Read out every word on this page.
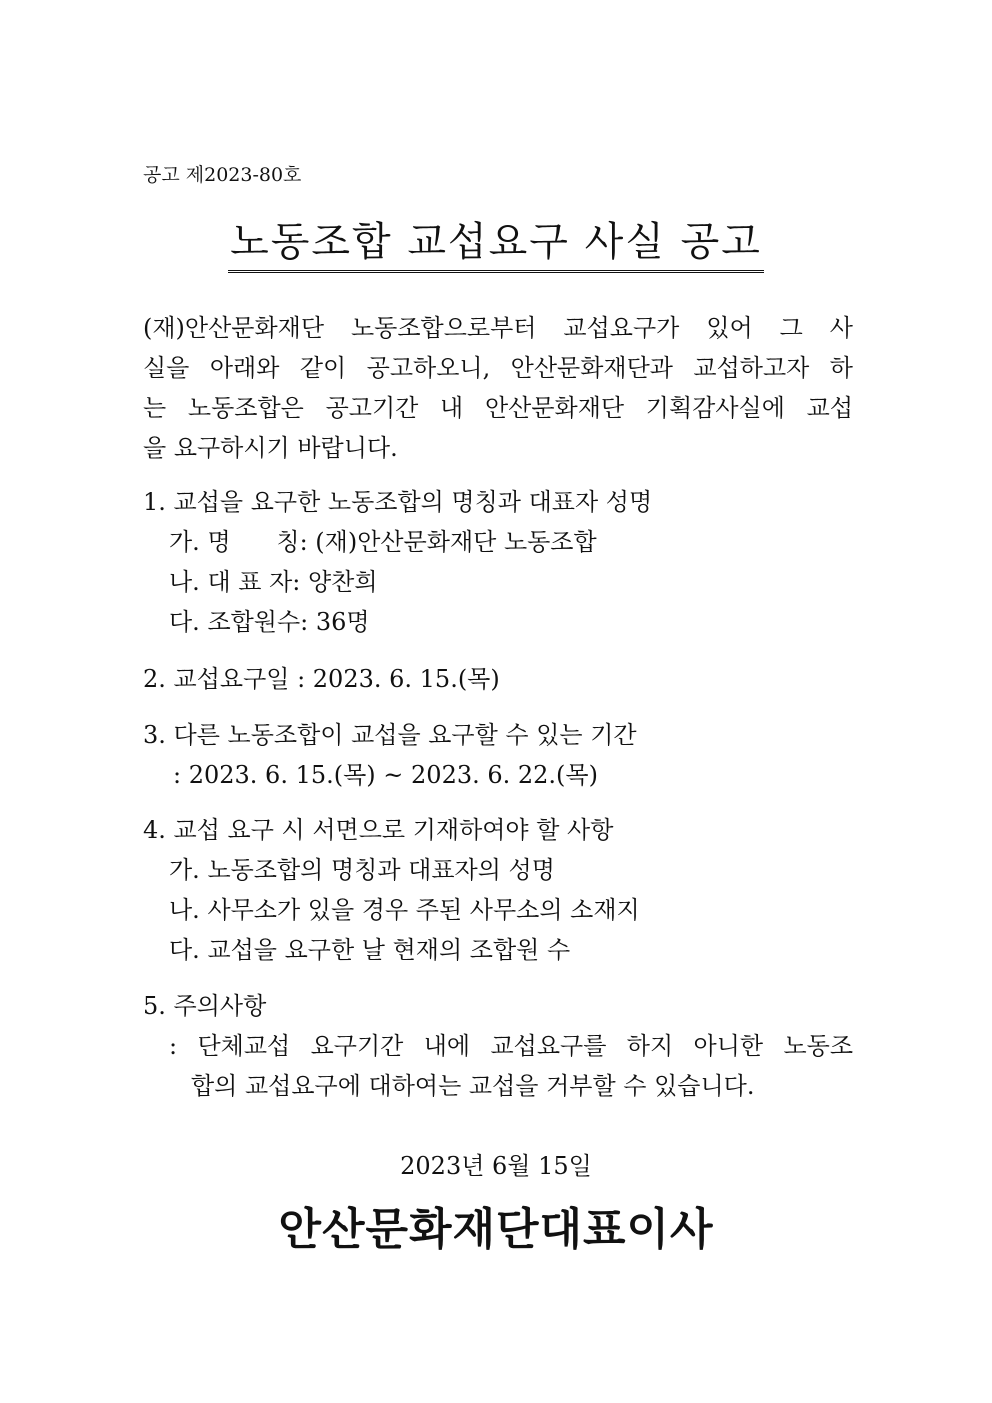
공고 제2023-80호
노동조합 교섭요구 사실 공고

(재)안산문화재단 노동조합으로부터 교섭요구가 있어 그 사

실을 아래와 같이 공고하오니, 안산문화재단과 교섭하고자 하

는 노동조합은 공고기간 내 안산문화재단 기획감사실에 교섭

을 요구하시기 바랍니다.

1. 교섭을 요구한 노동조합의 명칭과 대표자 성명

가. 명      칭: (재)안산문화재단 노동조합

나. 대 표 자: 양찬희

다. 조합원수: 36명

2. 교섭요구일 : 2023. 6. 15.(목)

3. 다른 노동조합이 교섭을 요구할 수 있는 기간

: 2023. 6. 15.(목) ~ 2023. 6. 22.(목)

4. 교섭 요구 시 서면으로 기재하여야 할 사항

가. 노동조합의 명칭과 대표자의 성명

나. 사무소가 있을 경우 주된 사무소의 소재지

다. 교섭을 요구한 날 현재의 조합원 수

5. 주의사항

: 단체교섭 요구기간 내에 교섭요구를 하지 아니한 노동조
합의 교섭요구에 대하여는 교섭을 거부할 수 있습니다.
2023년 6월 15일
안산문화재단대표이사
